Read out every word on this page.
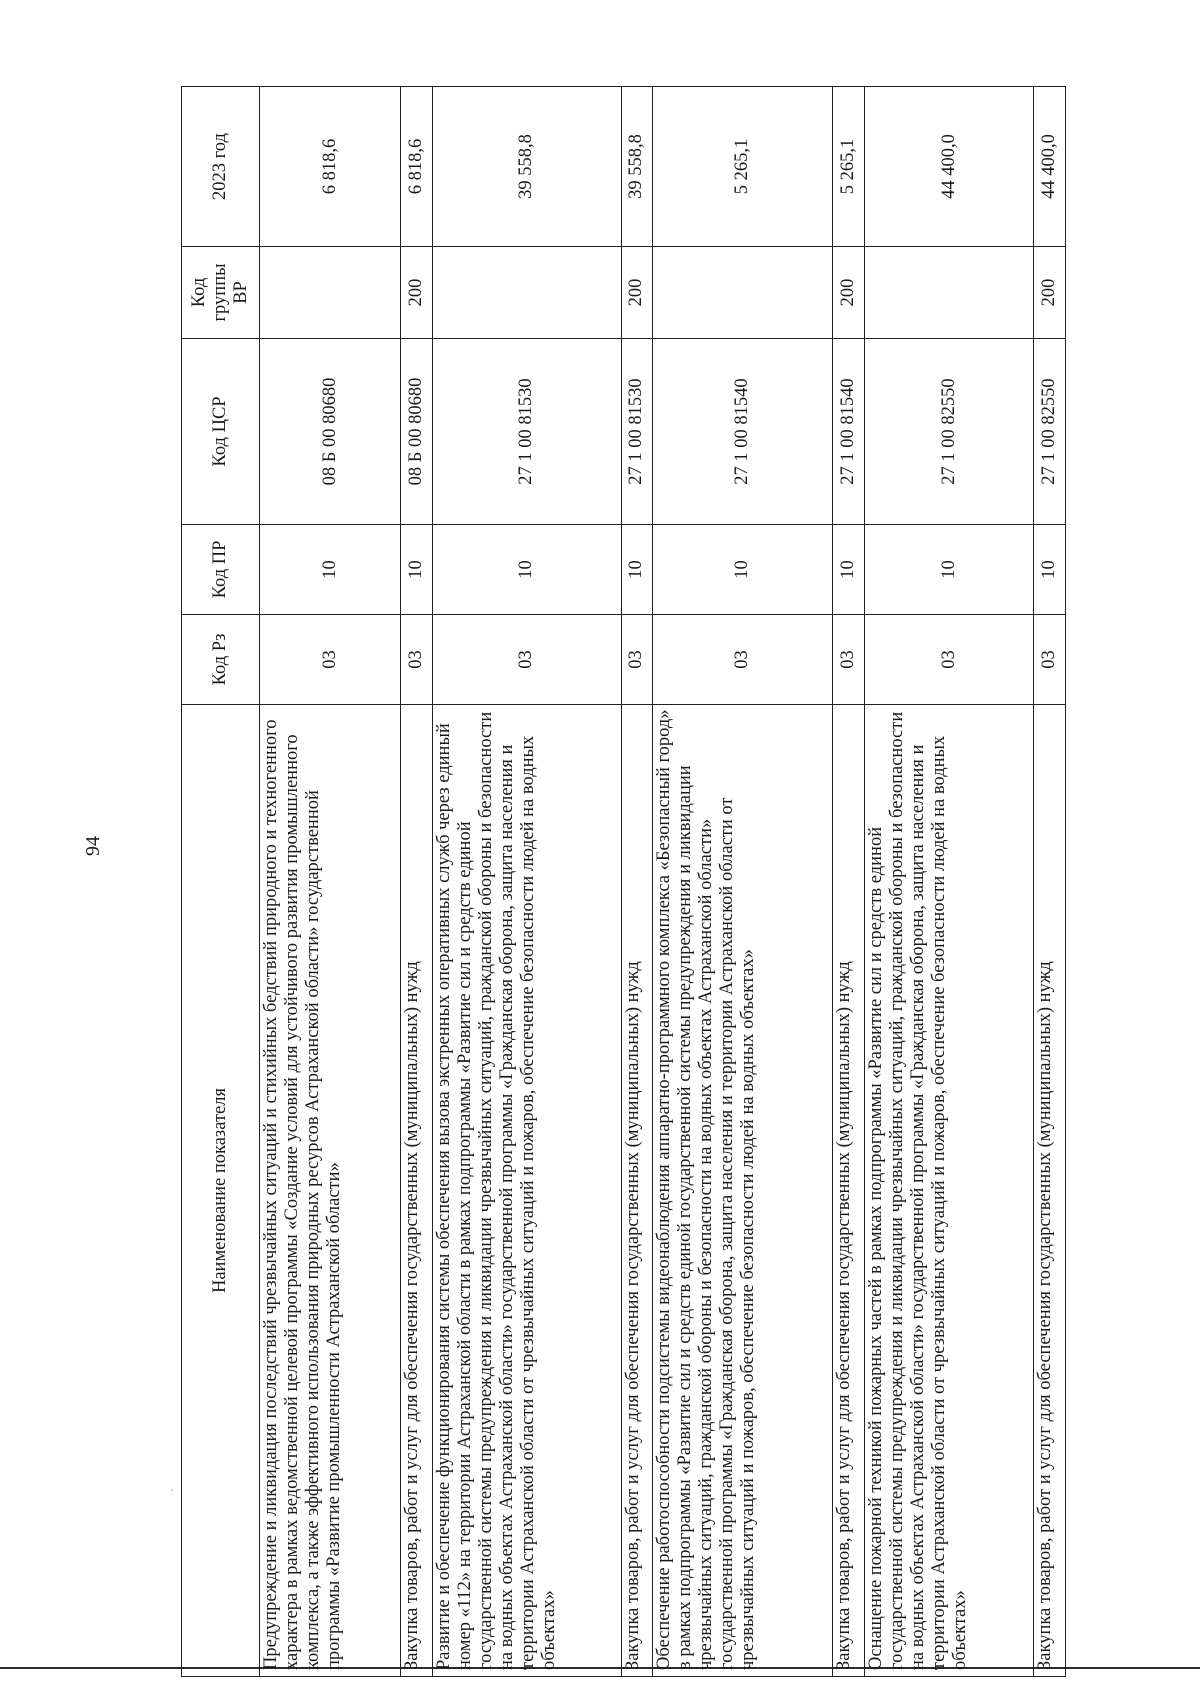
94
·
Наименование показателя	Код Рз	Код ПР	Код ЦСР	Код группы ВР	2023 год
Предупреждение и ликвидация последствий чрезвычайных ситуаций и стихийных бедствий природного и техногенного характера в рамках ведомственной целевой программы «Создание условий для устойчивого развития промышленного комплекса, а также эффективного использования природных ресурсов Астраханской области» государственной программы «Развитие промышленности Астраханской области»	03	10	08 Б 00 80680		6 818,6
Закупка товаров, работ и услуг для обеспечения государственных (муниципальных) нужд	03	10	08 Б 00 80680	200	6 818,6
Развитие и обеспечение функционирования системы обеспечения вызова экстренных оперативных служб через единый номер «112» на территории Астраханской области в рамках подпрограммы «Развитие сил и средств единой государственной системы предупреждения и ликвидации чрезвычайных ситуаций, гражданской обороны и безопасности на водных объектах Астраханской области» государственной программы «Гражданская оборона, защита населения и территории Астраханской области от чрезвычайных ситуаций и пожаров, обеспечение безопасности людей на водных объектах»	03	10	27 1 00 81530		39 558,8
Закупка товаров, работ и услуг для обеспечения государственных (муниципальных) нужд	03	10	27 1 00 81530	200	39 558,8
Обеспечение работоспособности подсистемы видеонаблюдения аппаратно-программного комплекса «Безопасный город» в рамках подпрограммы «Развитие сил и средств единой государственной системы предупреждения и ликвидации чрезвычайных ситуаций, гражданской обороны и безопасности на водных объектах Астраханской области» государственной программы «Гражданская оборона, защита населения и территории Астраханской области от чрезвычайных ситуаций и пожаров, обеспечение безопасности людей на водных объектах»	03	10	27 1 00 81540		5 265,1
Закупка товаров, работ и услуг для обеспечения государственных (муниципальных) нужд	03	10	27 1 00 81540	200	5 265,1
Оснащение пожарной техникой пожарных частей в рамках подпрограммы «Развитие сил и средств единой государственной системы предупреждения и ликвидации чрезвычайных ситуаций, гражданской обороны и безопасности на водных объектах Астраханской области» государственной программы «Гражданская оборона, защита населения и территории Астраханской области от чрезвычайных ситуаций и пожаров, обеспечение безопасности людей на водных объектах»	03	10	27 1 00 82550		44 400,0
Закупка товаров, работ и услуг для обеспечения государственных (муниципальных) нужд	03	10	27 1 00 82550	200	44 400,0
